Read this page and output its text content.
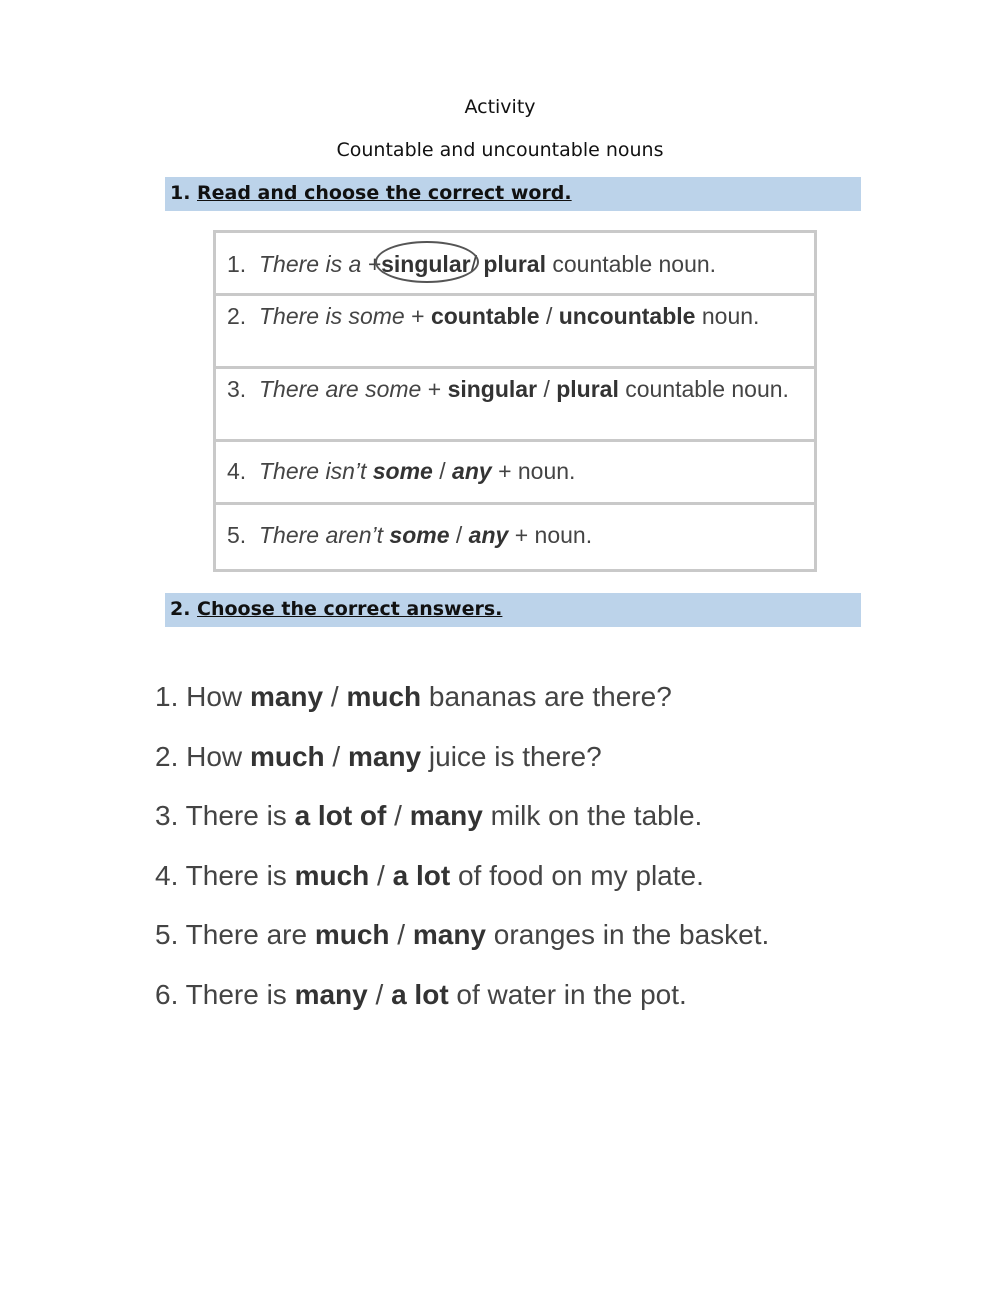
Activity
Countable and uncountable nouns
1. Read and choose the correct word.
1. There is a +
singular/ plural countable noun.
2. There is some + countable / uncountable noun.
3. There are some + singular / plural countable noun.
4. There isn’t some / any + noun.
5. There aren’t some / any + noun.
2. Choose the correct answers.
1. How many / much bananas are there?
2. How much / many juice is there?
3. There is a lot of / many milk on the table.
4. There is much / a lot of food on my plate.
5. There are much / many oranges in the basket.
6. There is many / a lot of water in the pot.
